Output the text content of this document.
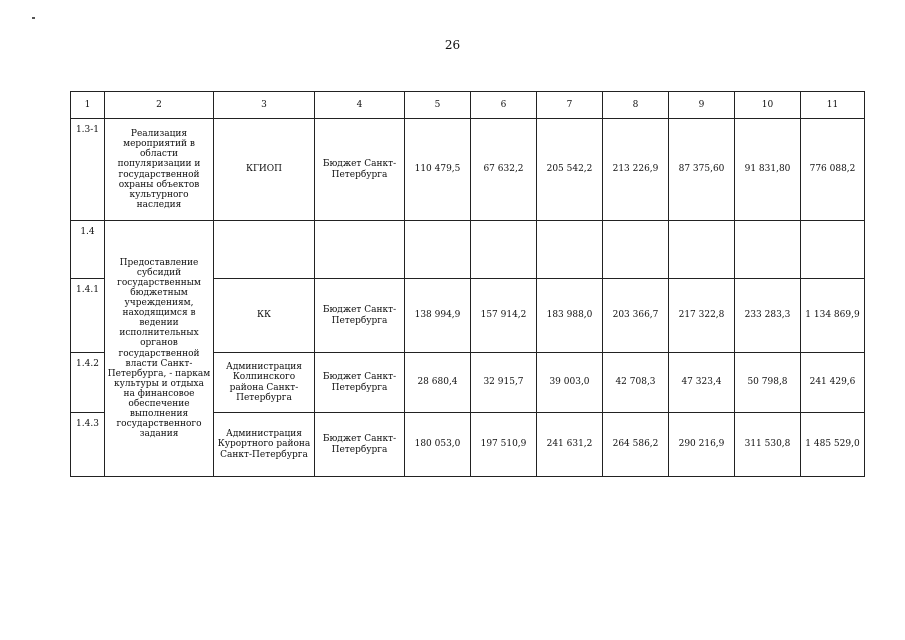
26
1	2	3	4	5	6	7	8	9	10	11
1.3-1	Реализация мероприятий в области популяризации и государственной охраны объектов культурного наследия	КГИОП	Бюджет Санкт-Петербурга	110 479,5	67 632,2	205 542,2	213 226,9	87 375,60	91 831,80	776 088,2
1.4	Предоставление субсидий государственным бюджетным учреждениям, находящимся в ведении исполнительных органов государственной власти Санкт-Петербурга, - паркам культуры и отдыха на финансовое обеспечение выполнения государственного задания									
1.4.1		КК	Бюджет Санкт-Петербурга	138 994,9	157 914,2	183 988,0	203 366,7	217 322,8	233 283,3	1 134 869,9
1.4.2		Администрация Колпинского района Санкт-Петербурга	Бюджет Санкт-Петербурга	28 680,4	32 915,7	39 003,0	42 708,3	47 323,4	50 798,8	241 429,6
1.4.3		Администрация Курортного района Санкт-Петербурга	Бюджет Санкт-Петербурга	180 053,0	197 510,9	241 631,2	264 586,2	290 216,9	311 530,8	1 485 529,0
